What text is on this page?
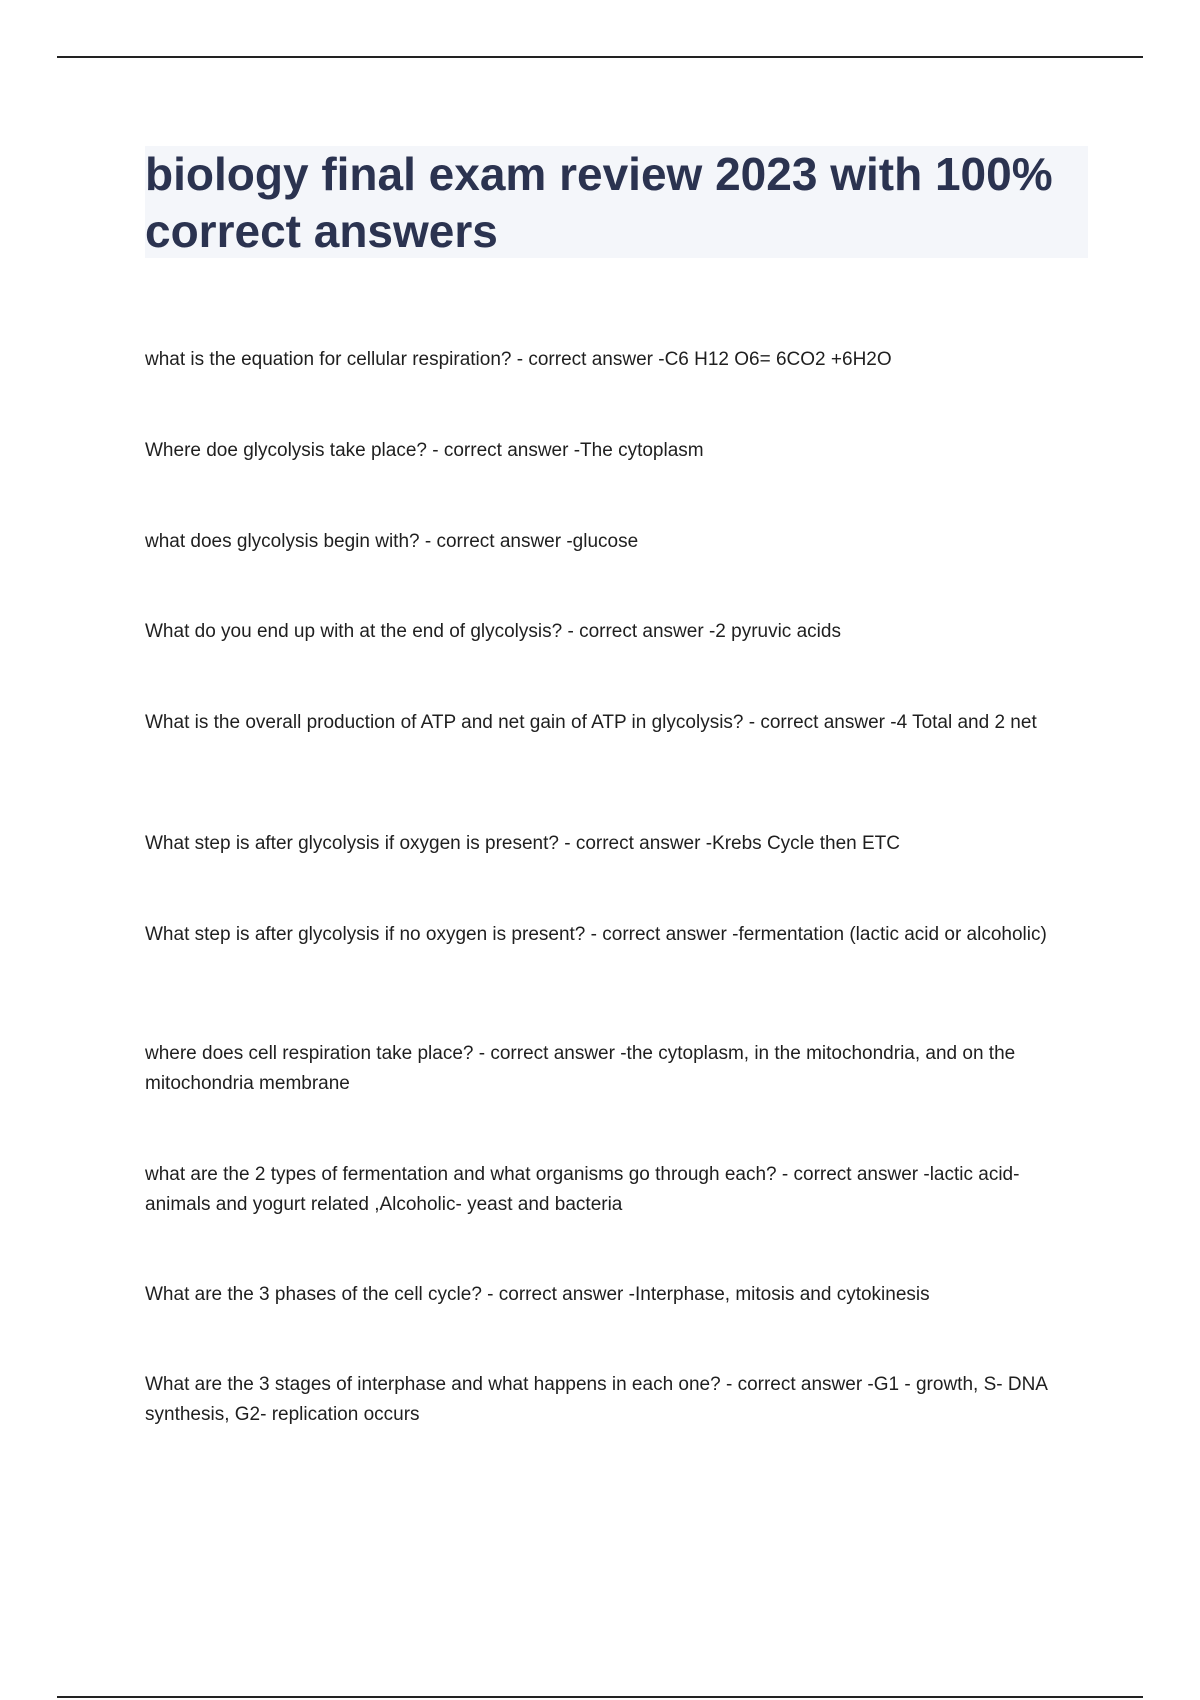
biology final exam review 2023 with 100% correct answers

what is the equation for cellular respiration? - correct answer -C6 H12 O6= 6CO2 +6H2O

Where doe glycolysis take place? - correct answer -The cytoplasm

what does glycolysis begin with? - correct answer -glucose

What do you end up with at the end of glycolysis? - correct answer -2 pyruvic acids

What is the overall production of ATP and net gain of ATP in glycolysis? - correct answer -4 Total and 2 net

What step is after glycolysis if oxygen is present? - correct answer -Krebs Cycle then ETC

What step is after glycolysis if no oxygen is present? - correct answer -fermentation (lactic acid or alcoholic)

where does cell respiration take place? - correct answer -the cytoplasm, in the mitochondria, and on the mitochondria membrane

what are the 2 types of fermentation and what organisms go through each? - correct answer -lactic acid- animals and yogurt related ,Alcoholic- yeast and bacteria

What are the 3 phases of the cell cycle? - correct answer -Interphase, mitosis and cytokinesis

What are the 3 stages of interphase and what happens in each one? - correct answer -G1 - growth, S- DNA synthesis, G2- replication occurs
